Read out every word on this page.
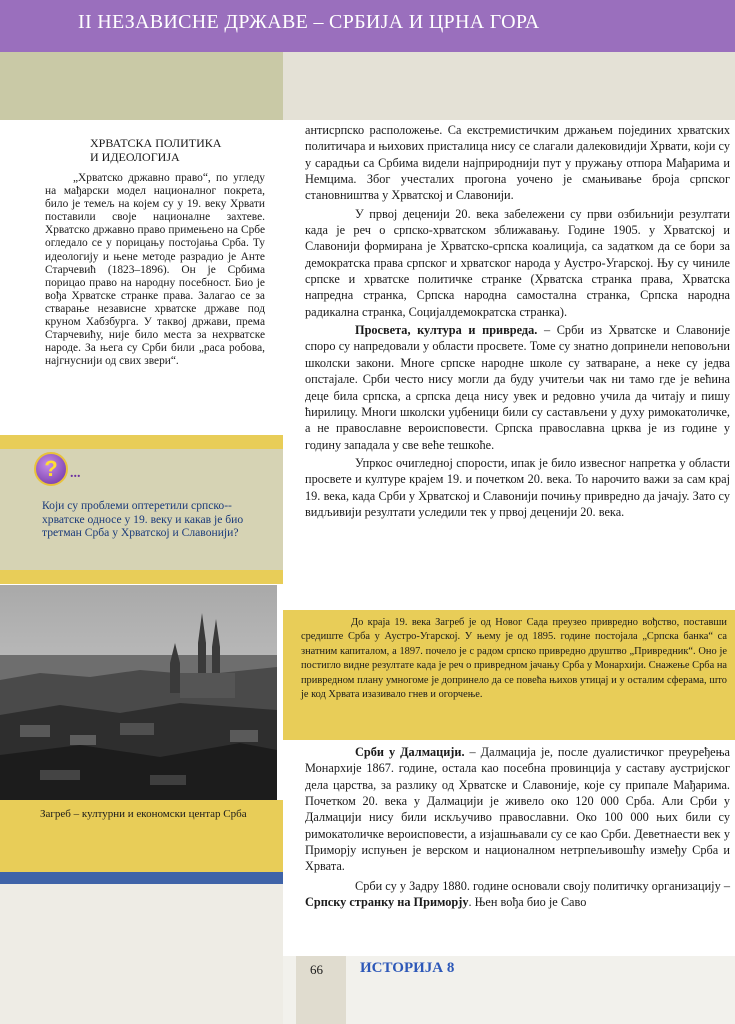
II НЕЗАВИСНЕ ДРЖАВЕ – СРБИЈА И ЦРНА ГОРА
ХРВАТСКА ПОЛИТИКА
И ИДЕОЛОГИЈА

„Хрватско државно право“, по угледу на мађарски модел националног покрета, било је темељ на којем су у 19. веку Хрвати поставили своје националне захтеве. Хрватско државно право примењено на Србе огледало се у порицању постојања Срба. Ту идеологију и њене методе разрадио је Анте Старчевић (1823–1896). Он је Србима порицао право на народну посебност. Био је вођа Хрватске странке права. Залагао се за стварање независне хрватске државе под круном Хабзбурга. У таквој држави, према Старчевићу, није било места за нехрватске народе. За њега су Срби били „раса робова, најгнуснији од свих звери“.

? ...
Који су проблеми оптеретили српско--хрватске односе у 19. веку и какав је био третман Срба у Хрватској и Славонији?
Загреб – културни и економски центар Срба

антисрпско расположење. Са екстремистичким држањем појединих хрватских политичара и њихових присталица нису се слагали далековидији Хрвати, који су у сарадњи са Србима видели најприроднији пут у пружању отпора Мађарима и Немцима. Због учесталих прогона уочено је смањивање броја српског становништва у Хрватској и Славонији.

У првој деценији 20. века забележени су први озбиљнији резултати када је реч о српско-хрватском зближавању. Године 1905. у Хрватској и Славонији формирана је Хрватско-српска коалиција, са задатком да се бори за демократска права српског и хрватског народа у Аустро-Угарској. Њу су чиниле српске и хрватске политичке странке (Хрватска странка права, Хрватска напредна странка, Српска народна самостална странка, Српска народна радикална странка, Социјалдемократска странка).

Просвета, култура и привреда. – Срби из Хрватске и Славоније споро су напредовали у области просвете. Томе су знатно допринели неповољни школски закони. Многе српске народне школе су затваране, а неке су једва опстајале. Срби често нису могли да буду учитељи чак ни тамо где је већина деце била српска, а српска деца нису увек и редовно учила да читају и пишу ћирилицу. Многи школски уџбеници били су састављени у духу римокатоличке, а не православне вероисповести. Српска православна црква је из године у годину западала у све веће тешкоће.

Упркос очигледној спорости, ипак је било извесног напретка у области просвете и културе крајем 19. и почетком 20. века. То нарочито важи за сам крај 19. века, када Срби у Хрватској и Славонији почињу привредно да јачају. Зато су видљивији резултати уследили тек у првој деценији 20. века.

До краја 19. века Загреб је од Новог Сада преузео привредно вођство, поставши средиште Срба у Аустро-Угарској. У њему је од 1895. године постојала „Српска банка“ са знатним капиталом, а 1897. почело је с радом српско привредно друштво „Привредник“. Оно је постигло видне резултате када је реч о привредном јачању Срба у Монархији. Снажење Срба на привредном плану умногоме је допринело да се повећа њихов утицај и у осталим сферама, што је код Хрвата изазивало гнев и огорчење.

Срби у Далмацији. – Далмација је, после дуалистичког преуређења Монархије 1867. године, остала као посебна провинција у саставу аустријског дела царства, за разлику од Хрватске и Славоније, које су припале Мађарима. Почетком 20. века у Далмацији је живело око 120 000 Срба. Али Срби у Далмацији нису били искључиво православни. Око 100 000 њих били су римокатоличке вероисповести, а изјашњавали су се као Срби. Деветнаести век у Приморју испуњен је верском и националном нетрпељивошћу између Срба и Хрвата.

Срби су у Задру 1880. године основали своју политичку организацију – Српску странку на Приморју. Њен вођа био је Саво

66 ИСТОРИЈА 8
